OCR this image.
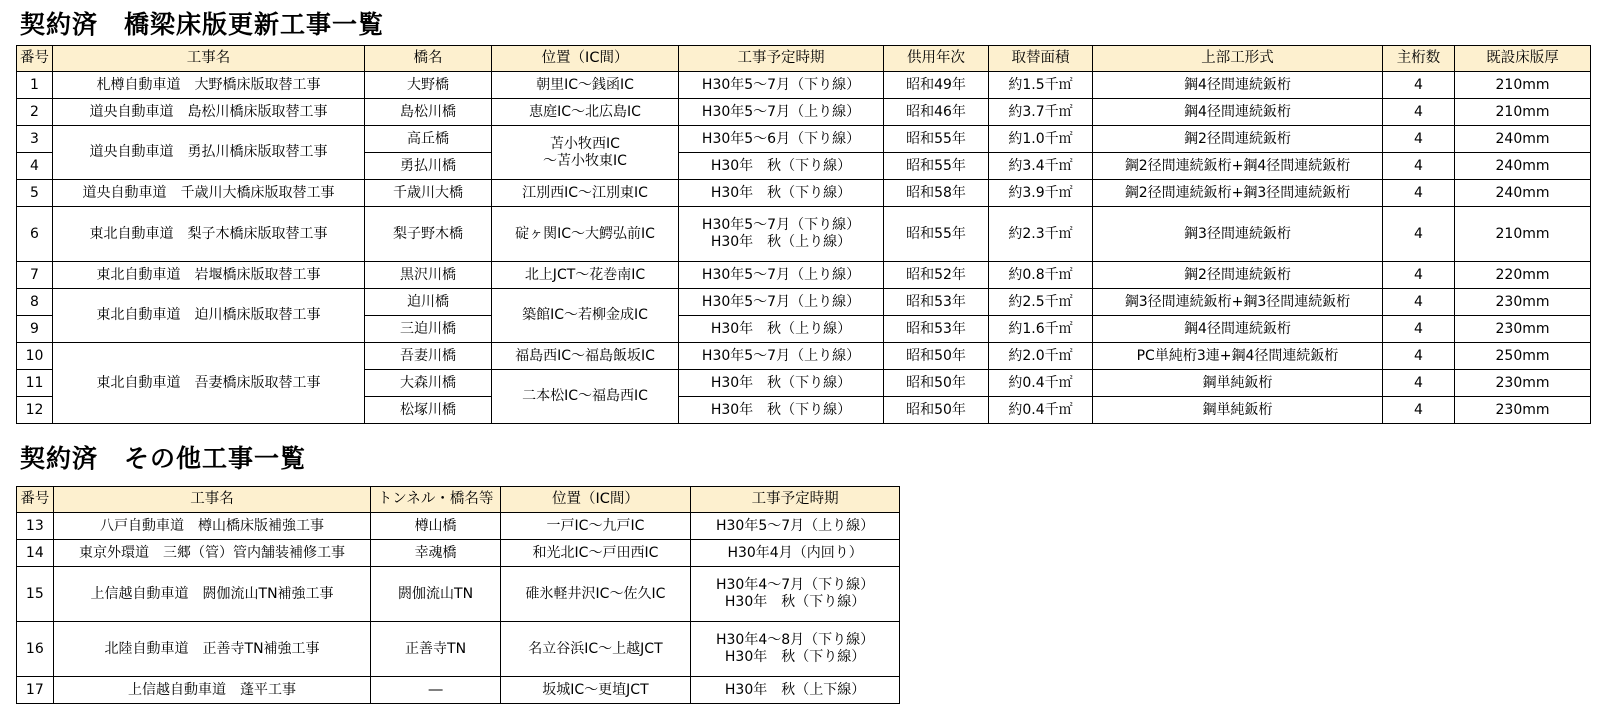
契約済　橋梁床版更新工事一覧
番号	工事名	橋名	位置（IC間）	工事予定時期	供用年次	取替面積	上部工形式	主桁数	既設床版厚
1	札樽自動車道　大野橋床版取替工事	大野橋	朝里IC～銭函IC	H30年5～7月（下り線）	昭和49年	約1.5千㎡	鋼4径間連続鈑桁	4	210mm
2	道央自動車道　島松川橋床版取替工事	島松川橋	恵庭IC～北広島IC	H30年5～7月（上り線）	昭和46年	約3.7千㎡	鋼4径間連続鈑桁	4	210mm
3	道央自動車道　勇払川橋床版取替工事	高丘橋	苫小牧西IC
～苫小牧東IC	H30年5～6月（下り線）	昭和55年	約1.0千㎡	鋼2径間連続鈑桁	4	240mm
4		勇払川橋		H30年　秋（下り線）	昭和55年	約3.4千㎡	鋼2径間連続鈑桁+鋼4径間連続鈑桁	4	240mm
5	道央自動車道　千歳川大橋床版取替工事	千歳川大橋	江別西IC～江別東IC	H30年　秋（下り線）	昭和58年	約3.9千㎡	鋼2径間連続鈑桁+鋼3径間連続鈑桁	4	240mm
6	東北自動車道　梨子木橋床版取替工事	梨子野木橋	碇ヶ関IC～大鰐弘前IC	H30年5～7月（下り線）
H30年　秋（上り線）	昭和55年	約2.3千㎡	鋼3径間連続鈑桁	4	210mm
7	東北自動車道　岩堰橋床版取替工事	黒沢川橋	北上JCT～花巻南IC	H30年5～7月（上り線）	昭和52年	約0.8千㎡	鋼2径間連続鈑桁	4	220mm
8	東北自動車道　迫川橋床版取替工事	迫川橋	築館IC～若柳金成IC	H30年5～7月（上り線）	昭和53年	約2.5千㎡	鋼3径間連続鈑桁+鋼3径間連続鈑桁	4	230mm
9		三迫川橋		H30年　秋（上り線）	昭和53年	約1.6千㎡	鋼4径間連続鈑桁	4	230mm
10	東北自動車道　吾妻橋床版取替工事	吾妻川橋	福島西IC～福島飯坂IC	H30年5～7月（上り線）	昭和50年	約2.0千㎡	PC単純桁3連+鋼4径間連続鈑桁	4	250mm
11		大森川橋	二本松IC～福島西IC	H30年　秋（下り線）	昭和50年	約0.4千㎡	鋼単純鈑桁	4	230mm
12		松塚川橋		H30年　秋（下り線）	昭和50年	約0.4千㎡	鋼単純鈑桁	4	230mm
契約済　その他工事一覧
番号	工事名	トンネル・橋名等	位置（IC間）	工事予定時期
13	八戸自動車道　樽山橋床版補強工事	樽山橋	一戸IC～九戸IC	H30年5～7月（上り線）
14	東京外環道　三郷（管）管内舗装補修工事	幸魂橋	和光北IC～戸田西IC	H30年4月（内回り）
15	上信越自動車道　閼伽流山TN補強工事	閼伽流山TN	碓氷軽井沢IC～佐久IC	H30年4～7月（下り線）
H30年　秋（下り線）
16	北陸自動車道　正善寺TN補強工事	正善寺TN	名立谷浜IC～上越JCT	H30年4～8月（下り線）
H30年　秋（下り線）
17	上信越自動車道　蓬平工事	―	坂城IC～更埴JCT	H30年　秋（上下線）
